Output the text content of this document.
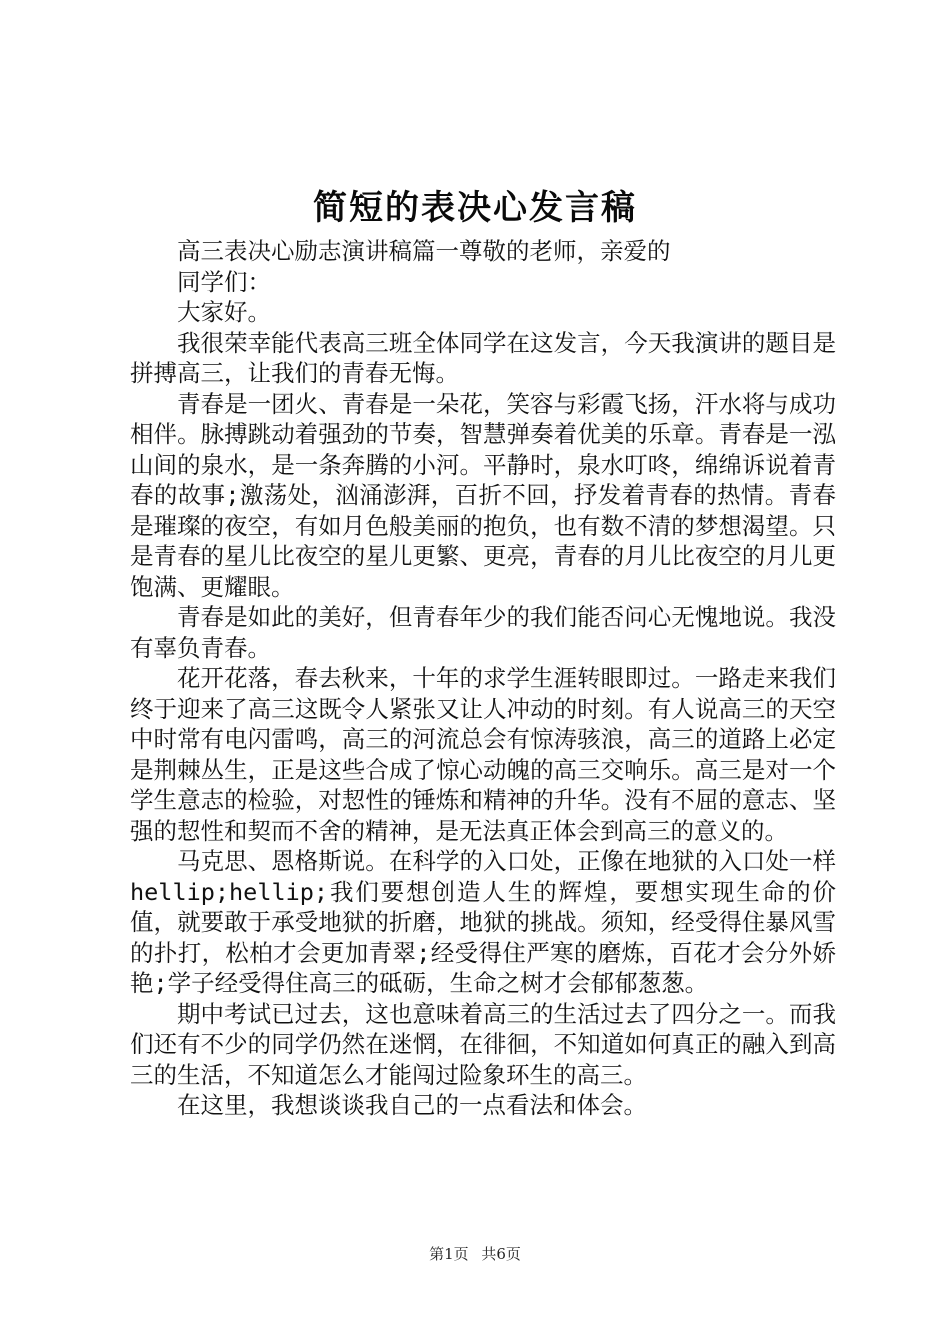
简短的表决心发言稿

高三表决心励志演讲稿篇一尊敬的老师，亲爱的

同学们：

大家好。

我很荣幸能代表高三班全体同学在这发言，今天我演讲的题目是拼搏高三，让我们的青春无悔。

青春是一团火、青春是一朵花，笑容与彩霞飞扬，汗水将与成功相伴。脉搏跳动着强劲的节奏，智慧弹奏着优美的乐章。青春是一泓山间的泉水，是一条奔腾的小河。平静时，泉水叮咚，绵绵诉说着青春的故事;激荡处，汹涌澎湃，百折不回，抒发着青春的热情。青春是璀璨的夜空，有如月色般美丽的抱负，也有数不清的梦想渴望。只是青春的星儿比夜空的星儿更繁、更亮，青春的月儿比夜空的月儿更饱满、更耀眼。

青春是如此的美好，但青春年少的我们能否问心无愧地说。我没有辜负青春。

花开花落，春去秋来，十年的求学生涯转眼即过。一路走来我们终于迎来了高三这既令人紧张又让人冲动的时刻。有人说高三的天空中时常有电闪雷鸣，高三的河流总会有惊涛骇浪，高三的道路上必定是荆棘丛生，正是这些合成了惊心动魄的高三交响乐。高三是对一个学生意志的检验，对恝性的锤炼和精神的升华。没有不屈的意志、坚强的恝性和契而不舍的精神，是无法真正体会到高三的意义的。

马克思、恩格斯说。在科学的入口处，正像在地狱的入口处一样hellip;hellip;我们要想创造人生的辉煌，要想实现生命的价值，就要敢于承受地狱的折磨，地狱的挑战。须知，经受得住暴风雪的扑打，松柏才会更加青翠;经受得住严寒的磨炼，百花才会分外娇艳;学子经受得住高三的砥砺，生命之树才会郁郁葱葱。

期中考试已过去，这也意味着高三的生活过去了四分之一。而我们还有不少的同学仍然在迷惘，在徘徊，不知道如何真正的融入到高三的生活，不知道怎么才能闯过险象环生的高三。

在这里，我想谈谈我自己的一点看法和体会。

第1页 共6页
